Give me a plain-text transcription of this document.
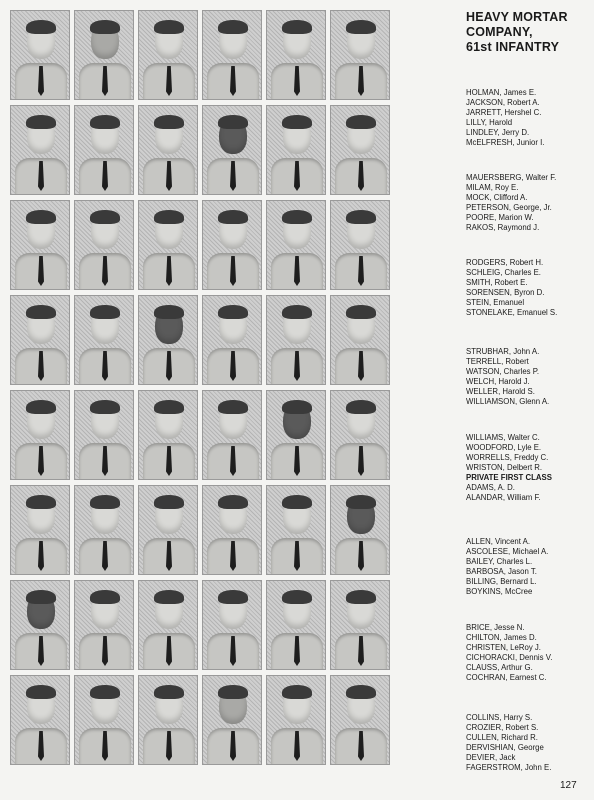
HEAVY MORTAR
COMPANY,
61st INFANTRY
HOLMAN, James E.
JACKSON, Robert A.
JARRETT, Hershel C.
LILLY, Harold
LINDLEY, Jerry D.
McELFRESH, Junior I.
MAUERSBERG, Walter F.
MILAM, Roy E.
MOCK, Clifford A.
PETERSON, George, Jr.
POORE, Marion W.
RAKOS, Raymond J.
RODGERS, Robert H.
SCHLEIG, Charles E.
SMITH, Robert E.
SORENSEN, Byron D.
STEIN, Emanuel
STONELAKE, Emanuel S.
STRUBHAR, John A.
TERRELL, Robert
WATSON, Charles P.
WELCH, Harold J.
WELLER, Harold S.
WILLIAMSON, Glenn A.
WILLIAMS, Walter C.
WOODFORD, Lyle E.
WORRELLS, Freddy C.
WRISTON, Delbert R.
PRIVATE FIRST CLASS
ADAMS, A. D.
ALANDAR, William F.
ALLEN, Vincent A.
ASCOLESE, Michael A.
BAILEY, Charles L.
BARBOSA, Jason T.
BILLING, Bernard L.
BOYKINS, McCree
BRICE, Jesse N.
CHILTON, James D.
CHRISTEN, LeRoy J.
CICHORACKI, Dennis V.
CLAUSS, Arthur G.
COCHRAN, Earnest C.
COLLINS, Harry S.
CROZIER, Robert S.
CULLEN, Richard R.
DERVISHIAN, George
DEVIER, Jack
FAGERSTROM, John E.
127
